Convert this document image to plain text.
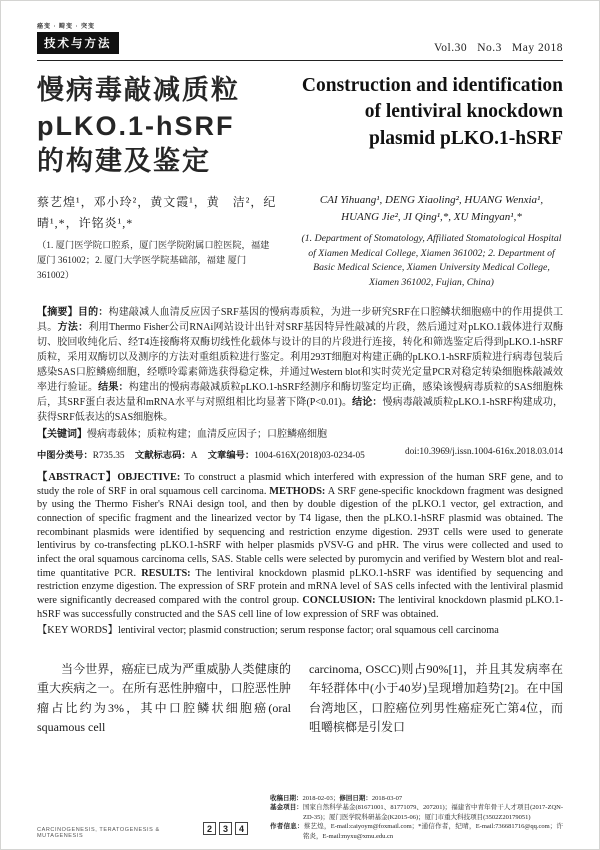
癌变 · 畸变 · 突变
技术与方法	Vol.30   No.3   May 2018
慢病毒敲减质粒
pLKO.1-hSRF
的构建及鉴定
Construction and identification
of lentiviral knockdown
plasmid pLKO.1-hSRF
蔡艺煌¹，邓小玲²，黄文霞¹，黄　洁²，纪　晴¹,*，许铭炎¹,*
（1. 厦门医学院口腔系，厦门医学院附属口腔医院，福建 厦门 361002；2. 厦门大学医学院基础部，福建 厦门 361002）
CAI Yihuang¹, DENG Xiaoling², HUANG Wenxia¹, HUANG Jie², JI Qing¹,*, XU Mingyan¹,*
(1. Department of Stomatology, Affiliated Stomatological Hospital of Xiamen Medical College, Xiamen 361002; 2. Department of Basic Medical Science, Xiamen University Medical College, Xiamen 361002, Fujian, China)
【摘要】目的：构建敲减人血清反应因子SRF基因的慢病毒质粒，为进一步研究SRF在口腔鳞状细胞癌中的作用提供工具。方法：利用Thermo Fisher公司RNAi网站设计出针对SRF基因特异性敲减的片段，然后通过对pLKO.1载体进行双酶切、胶回收纯化后、经T4连接酶将双酶切线性化载体与设计的目的片段进行连接，转化和筛选鉴定后得到pLKO.1-hSRF质粒，采用双酶切以及测序的方法对重组质粒进行鉴定。利用293T细胞对构建正确的pLKO.1-hSRF质粒进行病毒包装后感染SAS口腔鳞癌细胞，经嘌呤霉素筛选获得稳定株，并通过Western blot和实时荧光定量PCR对稳定转染细胞株敲减效率进行验证。结果：构建出的慢病毒敲减质粒pLKO.1-hSRF经测序和酶切鉴定均正确，感染该慢病毒质粒的SAS细胞株后，其SRF蛋白表达量和mRNA水平与对照组相比均显著下降(P<0.01)。结论：慢病毒敲减质粒pLKO.1-hSRF构建成功，获得SRF低表达的SAS细胞株。
【关键词】慢病毒载体；质粒构建；血清反应因子；口腔鳞癌细胞
中图分类号：R735.35 文献标志码：A 文章编号：1004-616X(2018)03-0234-05	doi:10.3969/j.issn.1004-616x.2018.03.014
【ABSTRACT】OBJECTIVE: To construct a plasmid which interfered with expression of the human SRF gene, and to study the role of SRF in oral squamous cell carcinoma. METHODS: A SRF gene-specific knockdown fragment was designed by using the Thermo Fisher's RNAi design tool, and then by double digestion of the pLKO.1 vector, gel extraction, and connection of specific fragment and the linearized vector by T4 ligase, then the pLKO.1-hSRF plasmid was obtained. The recombinant plasmids were identified by sequencing and restriction enzyme digestion. 293T cells were used to generate lentivirus by co-transfecting pLKO.1-hSRF with helper plasmids pVSV-G and pHR. The virus were collected and used to infect the oral squamous carcinoma cells, SAS. Stable cells were selected by puromycin and verified by Western blot and real-time quantitative PCR. RESULTS: The lentiviral knockdown plasmid pLKO.1-hSRF was identified by sequencing and restriction enzyme digestion. The expression of SRF protein and mRNA level of SAS cells infected with the lentiviral plasmid were significantly decreased compared with the control group. CONCLUSION: The lentiviral knockdown plasmid pLKO.1-hSRF was successfully constructed and the SAS cell line of low expression of SRF was obtained.
【KEY WORDS】lentiviral vector; plasmid construction; serum response factor; oral squamous cell carcinoma
当今世界，癌症已成为严重威胁人类健康的重大疾病之一。在所有恶性肿瘤中，口腔恶性肿瘤占比约为3%，其中口腔鳞状细胞癌(oral squamous cell
carcinoma, OSCC)则占90%[1]，并且其发病率在年轻群体中(小于40岁)呈现增加趋势[2]。在中国台湾地区，口腔癌位列男性癌症死亡第4位，而咀嚼槟榔是引发口
CARCINOGENESIS, TERATOGENESIS & MUTAGENESIS
2	3	4
收稿日期：2018-02-03；修回日期：2018-03-07
基金项目：国家自然科学基金(81671001、81771079、207201)；福建省中青年骨干人才项目(2017-ZQN-ZD-35)；厦门医学院科研基金(K2015-06)；厦门市重大科技项目(3502Z20179051)
作者信息：蔡艺煌，E-mail:caiyoym@foxmail.com；*通信作者，纪晴，E-mail:736681716@qq.com；许铭炎，E-mail:myxu@xmu.edu.cn
